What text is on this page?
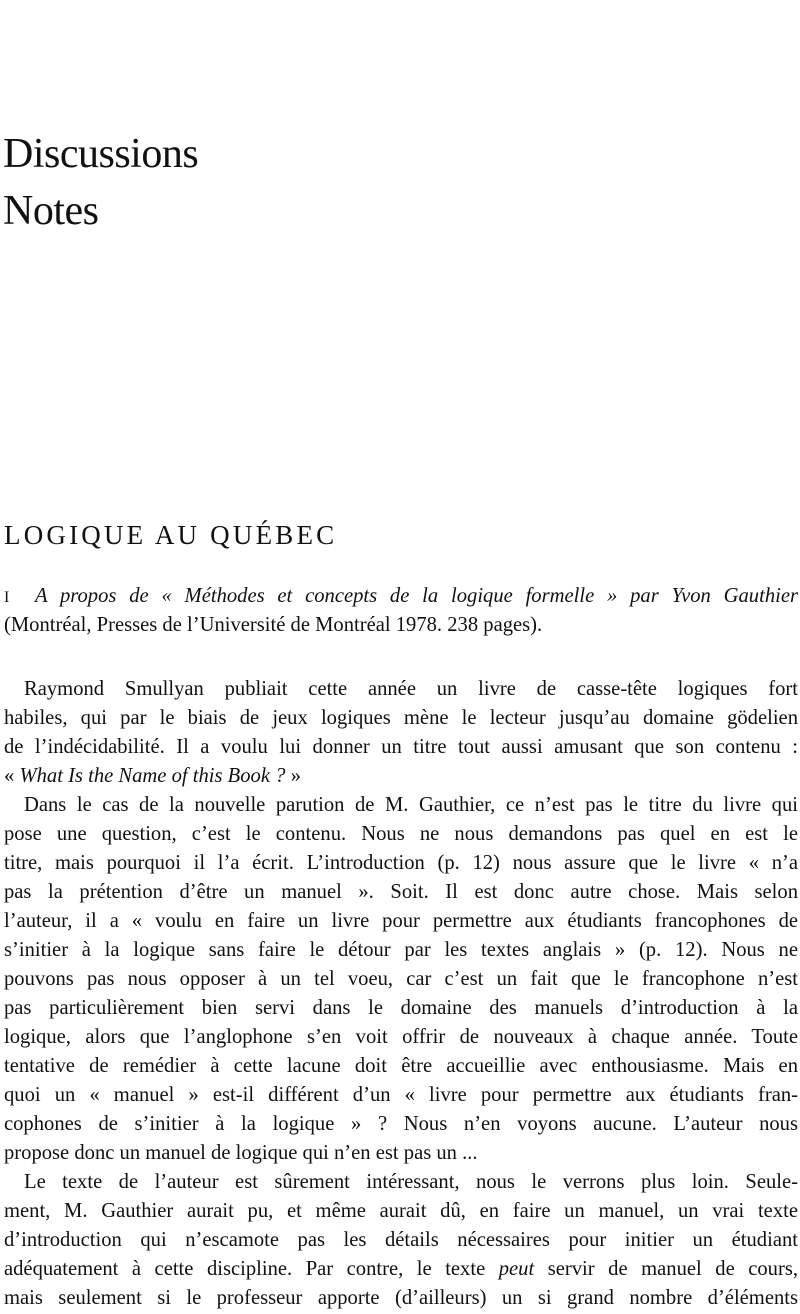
Discussions
Notes
LOGIQUE AU QUÉBEC
I A propos de « Méthodes et concepts de la logique formelle » par Yvon Gauthier
(Montréal, Presses de l’Université de Montréal 1978. 238 pages).
Raymond Smullyan publiait cette année un livre de casse-tête logiques fort
habiles, qui par le biais de jeux logiques mène le lecteur jusqu’au domaine gödelien
de l’indécidabilité. Il a voulu lui donner un titre tout aussi amusant que son contenu :
« What Is the Name of this Book ? »
Dans le cas de la nouvelle parution de M. Gauthier, ce n’est pas le titre du livre qui
pose une question, c’est le contenu. Nous ne nous demandons pas quel en est le
titre, mais pourquoi il l’a écrit. L’introduction (p. 12) nous assure que le livre « n’a
pas la prétention d’être un manuel ». Soit. Il est donc autre chose. Mais selon
l’auteur, il a « voulu en faire un livre pour permettre aux étudiants francophones de
s’initier à la logique sans faire le détour par les textes anglais » (p. 12). Nous ne
pouvons pas nous opposer à un tel voeu, car c’est un fait que le francophone n’est
pas particulièrement bien servi dans le domaine des manuels d’introduction à la
logique, alors que l’anglophone s’en voit offrir de nouveaux à chaque année. Toute
tentative de remédier à cette lacune doit être accueillie avec enthousiasme. Mais en
quoi un « manuel » est-il différent d’un « livre pour permettre aux étudiants fran-
cophones de s’initier à la logique » ? Nous n’en voyons aucune. L’auteur nous
propose donc un manuel de logique qui n’en est pas un ...
Le texte de l’auteur est sûrement intéressant, nous le verrons plus loin. Seule-
ment, M. Gauthier aurait pu, et même aurait dû, en faire un manuel, un vrai texte
d’introduction qui n’escamote pas les détails nécessaires pour initier un étudiant
adéquatement à cette discipline. Par contre, le texte peut servir de manuel de cours,
mais seulement si le professeur apporte (d’ailleurs) un si grand nombre d’éléments
